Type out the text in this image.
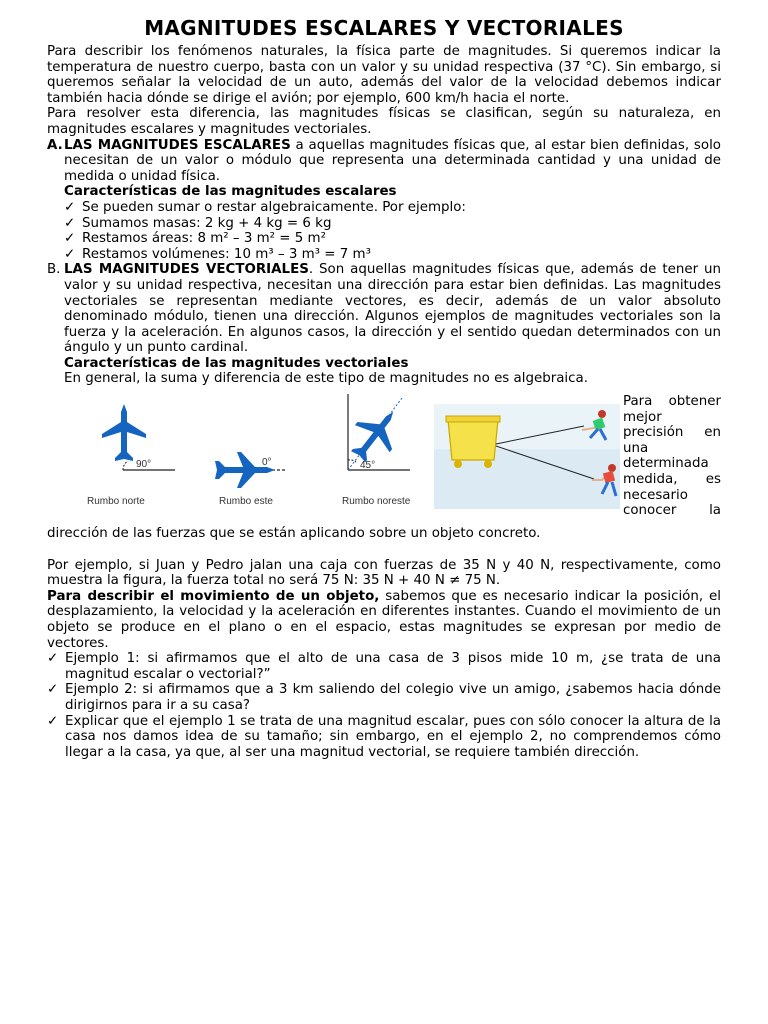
MAGNITUDES ESCALARES Y VECTORIALES

Para describir los fenómenos naturales, la física parte de magnitudes. Si queremos indicar la temperatura de nuestro cuerpo, basta con un valor y su unidad respectiva (37 °C). Sin embargo, si queremos señalar la velocidad de un auto, además del valor de la velocidad debemos indicar también hacia dónde se dirige el avión; por ejemplo, 600 km/h hacia el norte.

Para resolver esta diferencia, las magnitudes físicas se clasifican, según su naturaleza, en magnitudes escalares y magnitudes vectoriales.

A. LAS MAGNITUDES ESCALARES a aquellas magnitudes físicas que, al estar bien definidas, solo necesitan de un valor o módulo que representa una determinada cantidad y una unidad de medida o unidad física.
Características de las magnitudes escalares
✓ Se pueden sumar o restar algebraicamente. Por ejemplo:
✓ Sumamos masas: 2 kg + 4 kg = 6 kg
✓ Restamos áreas: 8 m² – 3 m² = 5 m²
✓ Restamos volúmenes: 10 m³ – 3 m³ = 7 m³
B. LAS MAGNITUDES VECTORIALES. Son aquellas magnitudes físicas que, además de tener un valor y su unidad respectiva, necesitan una dirección para estar bien definidas. Las magnitudes vectoriales se representan mediante vectores, es decir, además de un valor absoluto denominado módulo, tienen una dirección. Algunos ejemplos de magnitudes vectoriales son la fuerza y la aceleración. En algunos casos, la dirección y el sentido quedan determinados con un ángulo y un punto cardinal.
Características de las magnitudes vectoriales
En general, la suma y diferencia de este tipo de magnitudes no es algebraica.
90°
Rumbo norte
0°
Rumbo este
45°
Rumbo noreste
Para obtener
mejor
precisión en
una
determinada
medida, es
necesario
conocer la

dirección de las fuerzas que se están aplicando sobre un objeto concreto.

Por ejemplo, si Juan y Pedro jalan una caja con fuerzas de 35 N y 40 N, respectivamente, como muestra la figura, la fuerza total no será 75 N: 35 N + 40 N ≠ 75 N.

Para describir el movimiento de un objeto, sabemos que es necesario indicar la posición, el desplazamiento, la velocidad y la aceleración en diferentes instantes. Cuando el movimiento de un objeto se produce en el plano o en el espacio, estas magnitudes se expresan por medio de vectores.

✓ Ejemplo 1: si afirmamos que el alto de una casa de 3 pisos mide 10 m, ¿se trata de una magnitud escalar o vectorial?”
✓ Ejemplo 2: si afirmamos que a 3 km saliendo del colegio vive un amigo, ¿sabemos hacia dónde dirigirnos para ir a su casa?
✓ Explicar que el ejemplo 1 se trata de una magnitud escalar, pues con sólo conocer la altura de la casa nos damos idea de su tamaño; sin embargo, en el ejemplo 2, no comprendemos cómo llegar a la casa, ya que, al ser una magnitud vectorial, se requiere también dirección.
